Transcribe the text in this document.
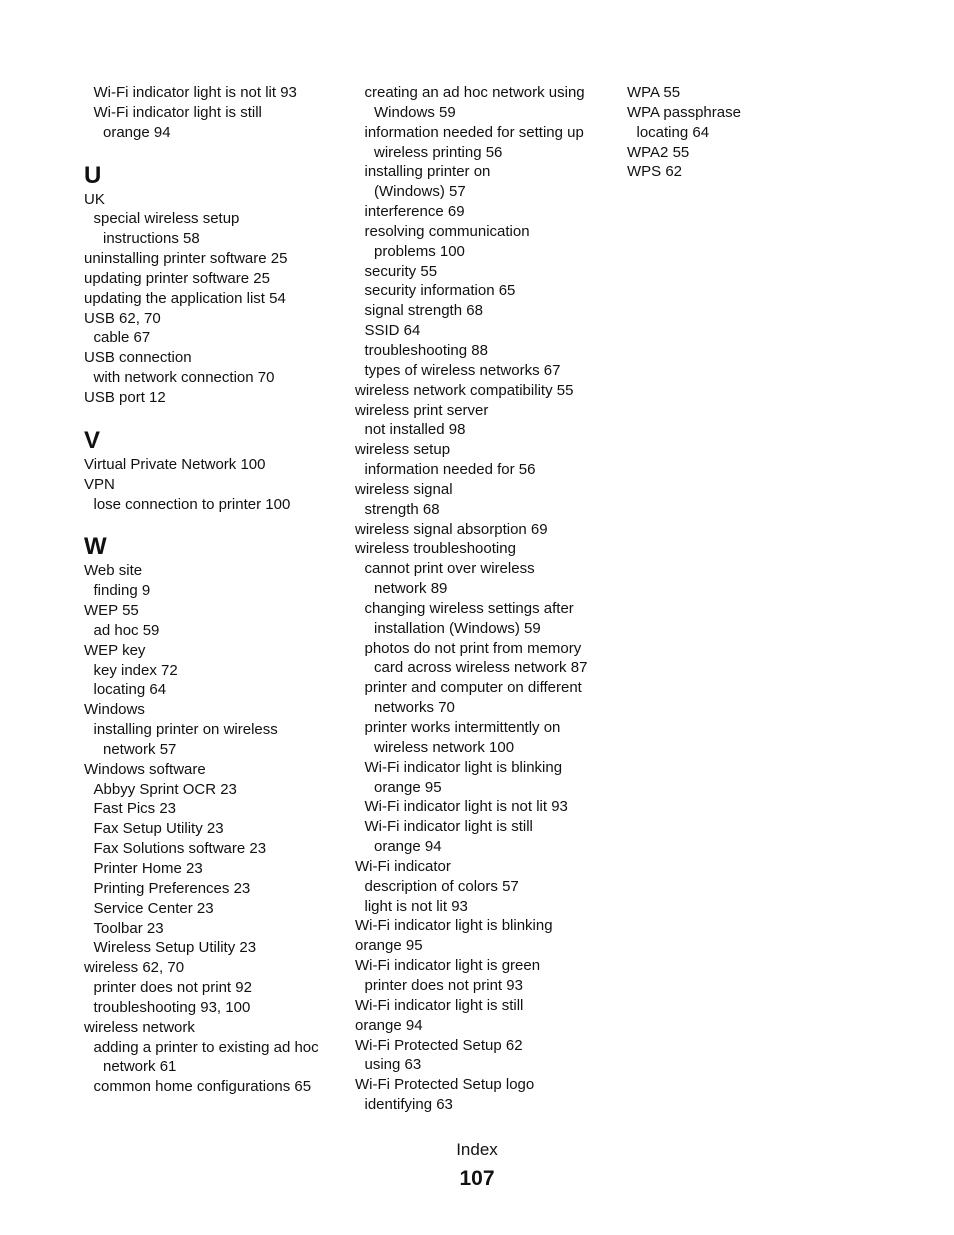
Wi-Fi indicator light is not lit 93
Wi-Fi indicator light is still
orange 94
U
UK
special wireless setup
instructions 58
uninstalling printer software 25
updating printer software 25
updating the application list 54
USB 62, 70
cable 67
USB connection
with network connection 70
USB port 12
V
Virtual Private Network 100
VPN
lose connection to printer 100
W
Web site
finding 9
WEP 55
ad hoc 59
WEP key
key index 72
locating 64
Windows
installing printer on wireless
network 57
Windows software
Abbyy Sprint OCR 23
Fast Pics 23
Fax Setup Utility 23
Fax Solutions software 23
Printer Home 23
Printing Preferences 23
Service Center 23
Toolbar 23
Wireless Setup Utility 23
wireless 62, 70
printer does not print 92
troubleshooting 93, 100
wireless network
adding a printer to existing ad hoc
network 61
common home configurations 65
creating an ad hoc network using
Windows 59
information needed for setting up
wireless printing 56
installing printer on
(Windows) 57
interference 69
resolving communication
problems 100
security 55
security information 65
signal strength 68
SSID 64
troubleshooting 88
types of wireless networks 67
wireless network compatibility 55
wireless print server
not installed 98
wireless setup
information needed for 56
wireless signal
strength 68
wireless signal absorption 69
wireless troubleshooting
cannot print over wireless
network 89
changing wireless settings after
installation (Windows) 59
photos do not print from memory
card across wireless network 87
printer and computer on different
networks 70
printer works intermittently on
wireless network 100
Wi-Fi indicator light is blinking
orange 95
Wi-Fi indicator light is not lit 93
Wi-Fi indicator light is still
orange 94
Wi-Fi indicator
description of colors 57
light is not lit 93
Wi-Fi indicator light is blinking
orange 95
Wi-Fi indicator light is green
printer does not print 93
Wi-Fi indicator light is still
orange 94
Wi-Fi Protected Setup 62
using 63
Wi-Fi Protected Setup logo
identifying 63
WPA 55
WPA passphrase
locating 64
WPA2 55
WPS 62
Index
107
